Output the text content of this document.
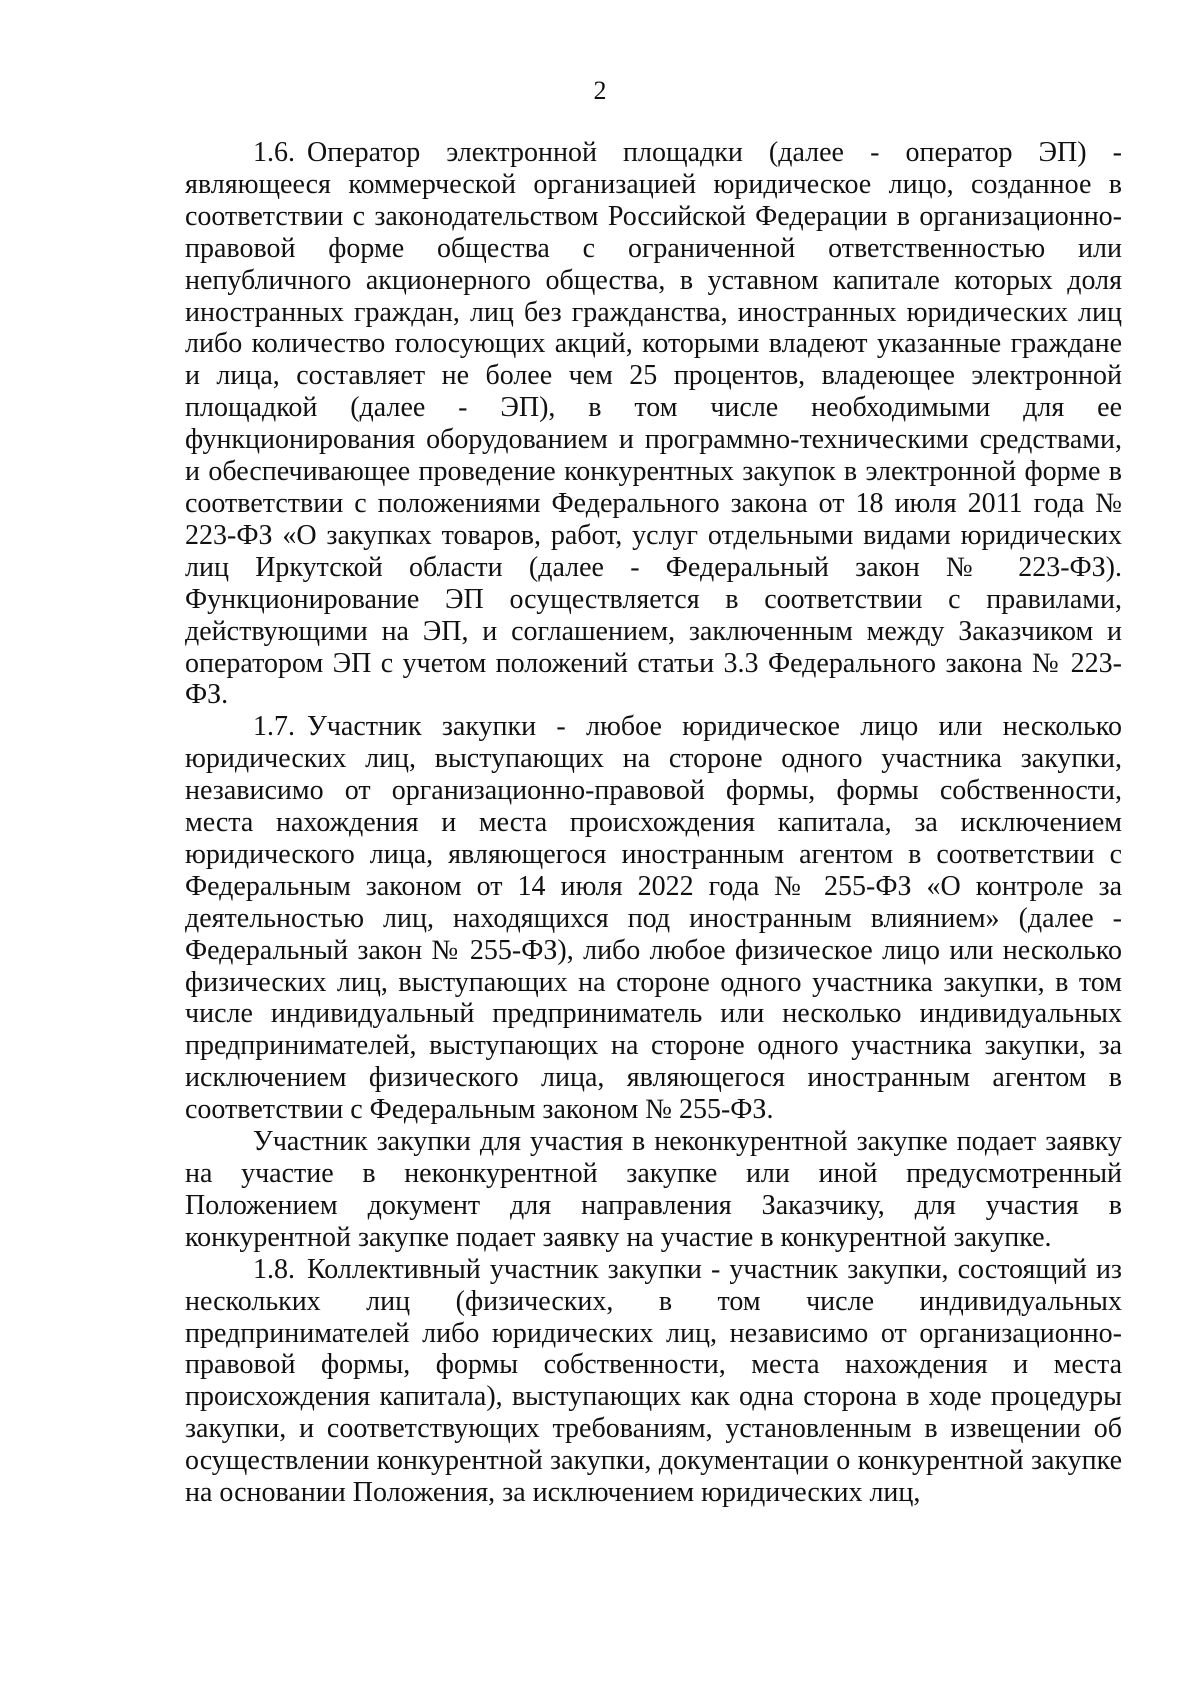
2

1.6. Оператор электронной площадки (далее - оператор ЭП) - являющееся коммерческой организацией юридическое лицо, созданное в соответствии с законодательством Российской Федерации в организационно-правовой форме общества с ограниченной ответственностью или непубличного акционерного общества, в уставном капитале которых доля иностранных граждан, лиц без гражданства, иностранных юридических лиц либо количество голосующих акций, которыми владеют указанные граждане и лица, составляет не более чем 25 процентов, владеющее электронной площадкой (далее - ЭП), в том числе необходимыми для ее функционирования оборудованием и программно-техническими средствами, и обеспечивающее проведение конкурентных закупок в электронной форме в соответствии с положениями Федерального закона от 18 июля 2011 года № 223-ФЗ «О закупках товаров, работ, услуг отдельными видами юридических лиц Иркутской области (далее - Федеральный закон № 223-ФЗ). Функционирование ЭП осуществляется в соответствии с правилами, действующими на ЭП, и соглашением, заключенным между Заказчиком и оператором ЭП с учетом положений статьи 3.3 Федерального закона № 223-ФЗ.

1.7. Участник закупки - любое юридическое лицо или несколько юридических лиц, выступающих на стороне одного участника закупки, независимо от организационно-правовой формы, формы собственности, места нахождения и места происхождения капитала, за исключением юридического лица, являющегося иностранным агентом в соответствии с Федеральным законом от 14 июля 2022 года № 255-ФЗ «О контроле за деятельностью лиц, находящихся под иностранным влиянием» (далее - Федеральный закон № 255-ФЗ), либо любое физическое лицо или несколько физических лиц, выступающих на стороне одного участника закупки, в том числе индивидуальный предприниматель или несколько индивидуальных предпринимателей, выступающих на стороне одного участника закупки, за исключением физического лица, являющегося иностранным агентом в соответствии с Федеральным законом № 255-ФЗ.

Участник закупки для участия в неконкурентной закупке подает заявку на участие в неконкурентной закупке или иной предусмотренный Положением документ для направления Заказчику, для участия в конкурентной закупке подает заявку на участие в конкурентной закупке.

1.8. Коллективный участник закупки - участник закупки, состоящий из нескольких лиц (физических, в том числе индивидуальных предпринимателей либо юридических лиц, независимо от организационно-правовой формы, формы собственности, места нахождения и места происхождения капитала), выступающих как одна сторона в ходе процедуры закупки, и соответствующих требованиям, установленным в извещении об осуществлении конкурентной закупки, документации о конкурентной закупке на основании Положения, за исключением юридических лиц,
